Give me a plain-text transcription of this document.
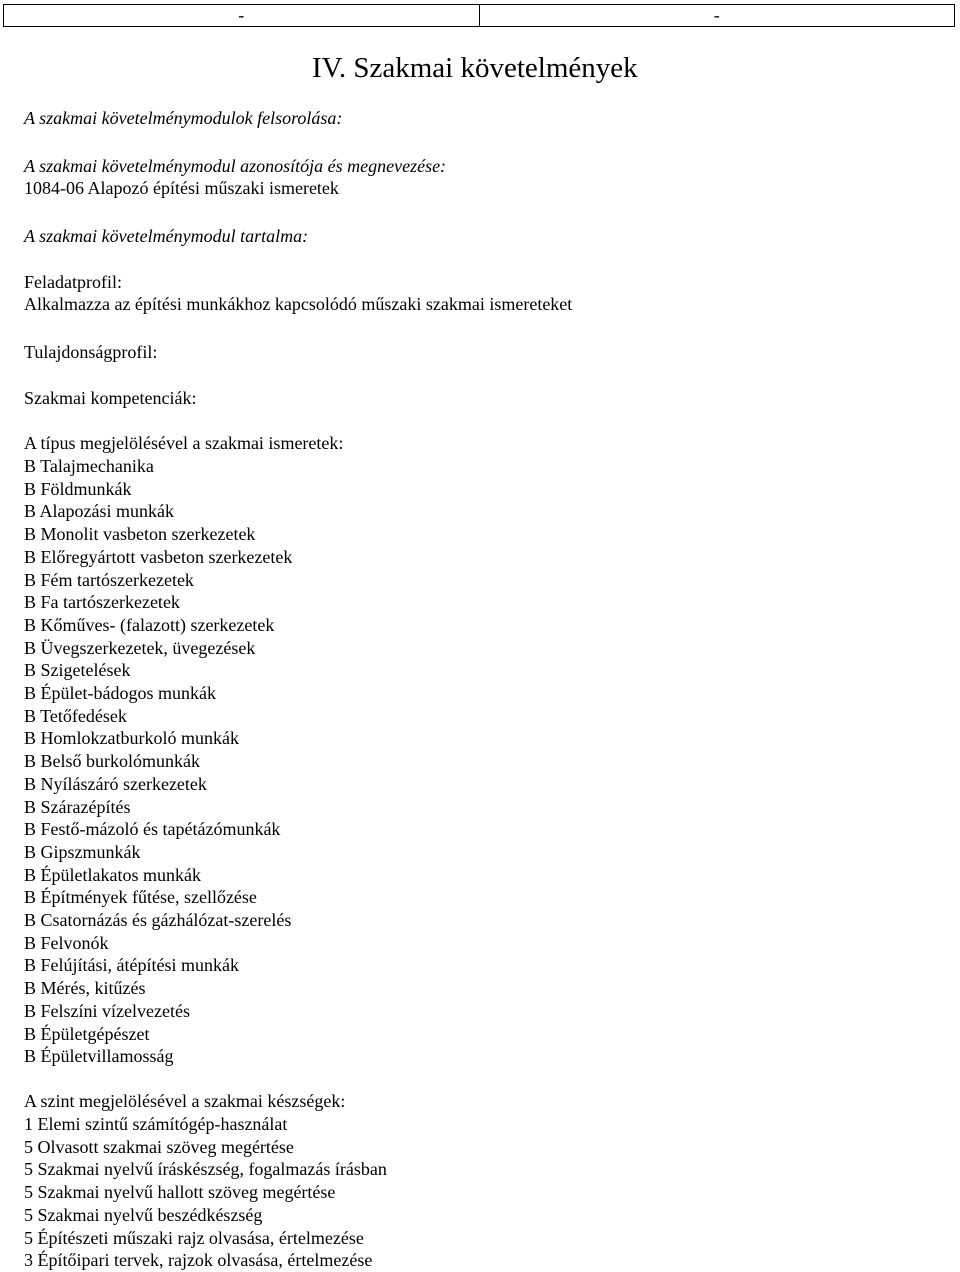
-	-
IV. Szakmai követelmények
A szakmai követelménymodulok felsorolása:
A szakmai követelménymodul azonosítója és megnevezése:
1084-06 Alapozó építési műszaki ismeretek
A szakmai követelménymodul tartalma:
Feladatprofil:
Alkalmazza az építési munkákhoz kapcsolódó műszaki szakmai ismereteket
Tulajdonságprofil:
Szakmai kompetenciák:
A típus megjelölésével a szakmai ismeretek:
B Talajmechanika
B Földmunkák
B Alapozási munkák
B Monolit vasbeton szerkezetek
B Előregyártott vasbeton szerkezetek
B Fém tartószerkezetek
B Fa tartószerkezetek
B Kőműves- (falazott) szerkezetek
B Üvegszerkezetek, üvegezések
B Szigetelések
B Épület-bádogos munkák
B Tetőfedések
B Homlokzatburkoló munkák
B Belső burkolómunkák
B Nyílászáró szerkezetek
B Szárazépítés
B Festő-mázoló és tapétázómunkák
B Gipszmunkák
B Épületlakatos munkák
B Építmények fűtése, szellőzése
B Csatornázás és gázhálózat-szerelés
B Felvonók
B Felújítási, átépítési munkák
B Mérés, kitűzés
B Felszíni vízelvezetés
B Épületgépészet
B Épületvillamosság
A szint megjelölésével a szakmai készségek:
1 Elemi szintű számítógép-használat
5 Olvasott szakmai szöveg megértése
5 Szakmai nyelvű íráskészség, fogalmazás írásban
5 Szakmai nyelvű hallott szöveg megértése
5 Szakmai nyelvű beszédkészség
5 Építészeti műszaki rajz olvasása, értelmezése
3 Építőipari tervek, rajzok olvasása, értelmezése
